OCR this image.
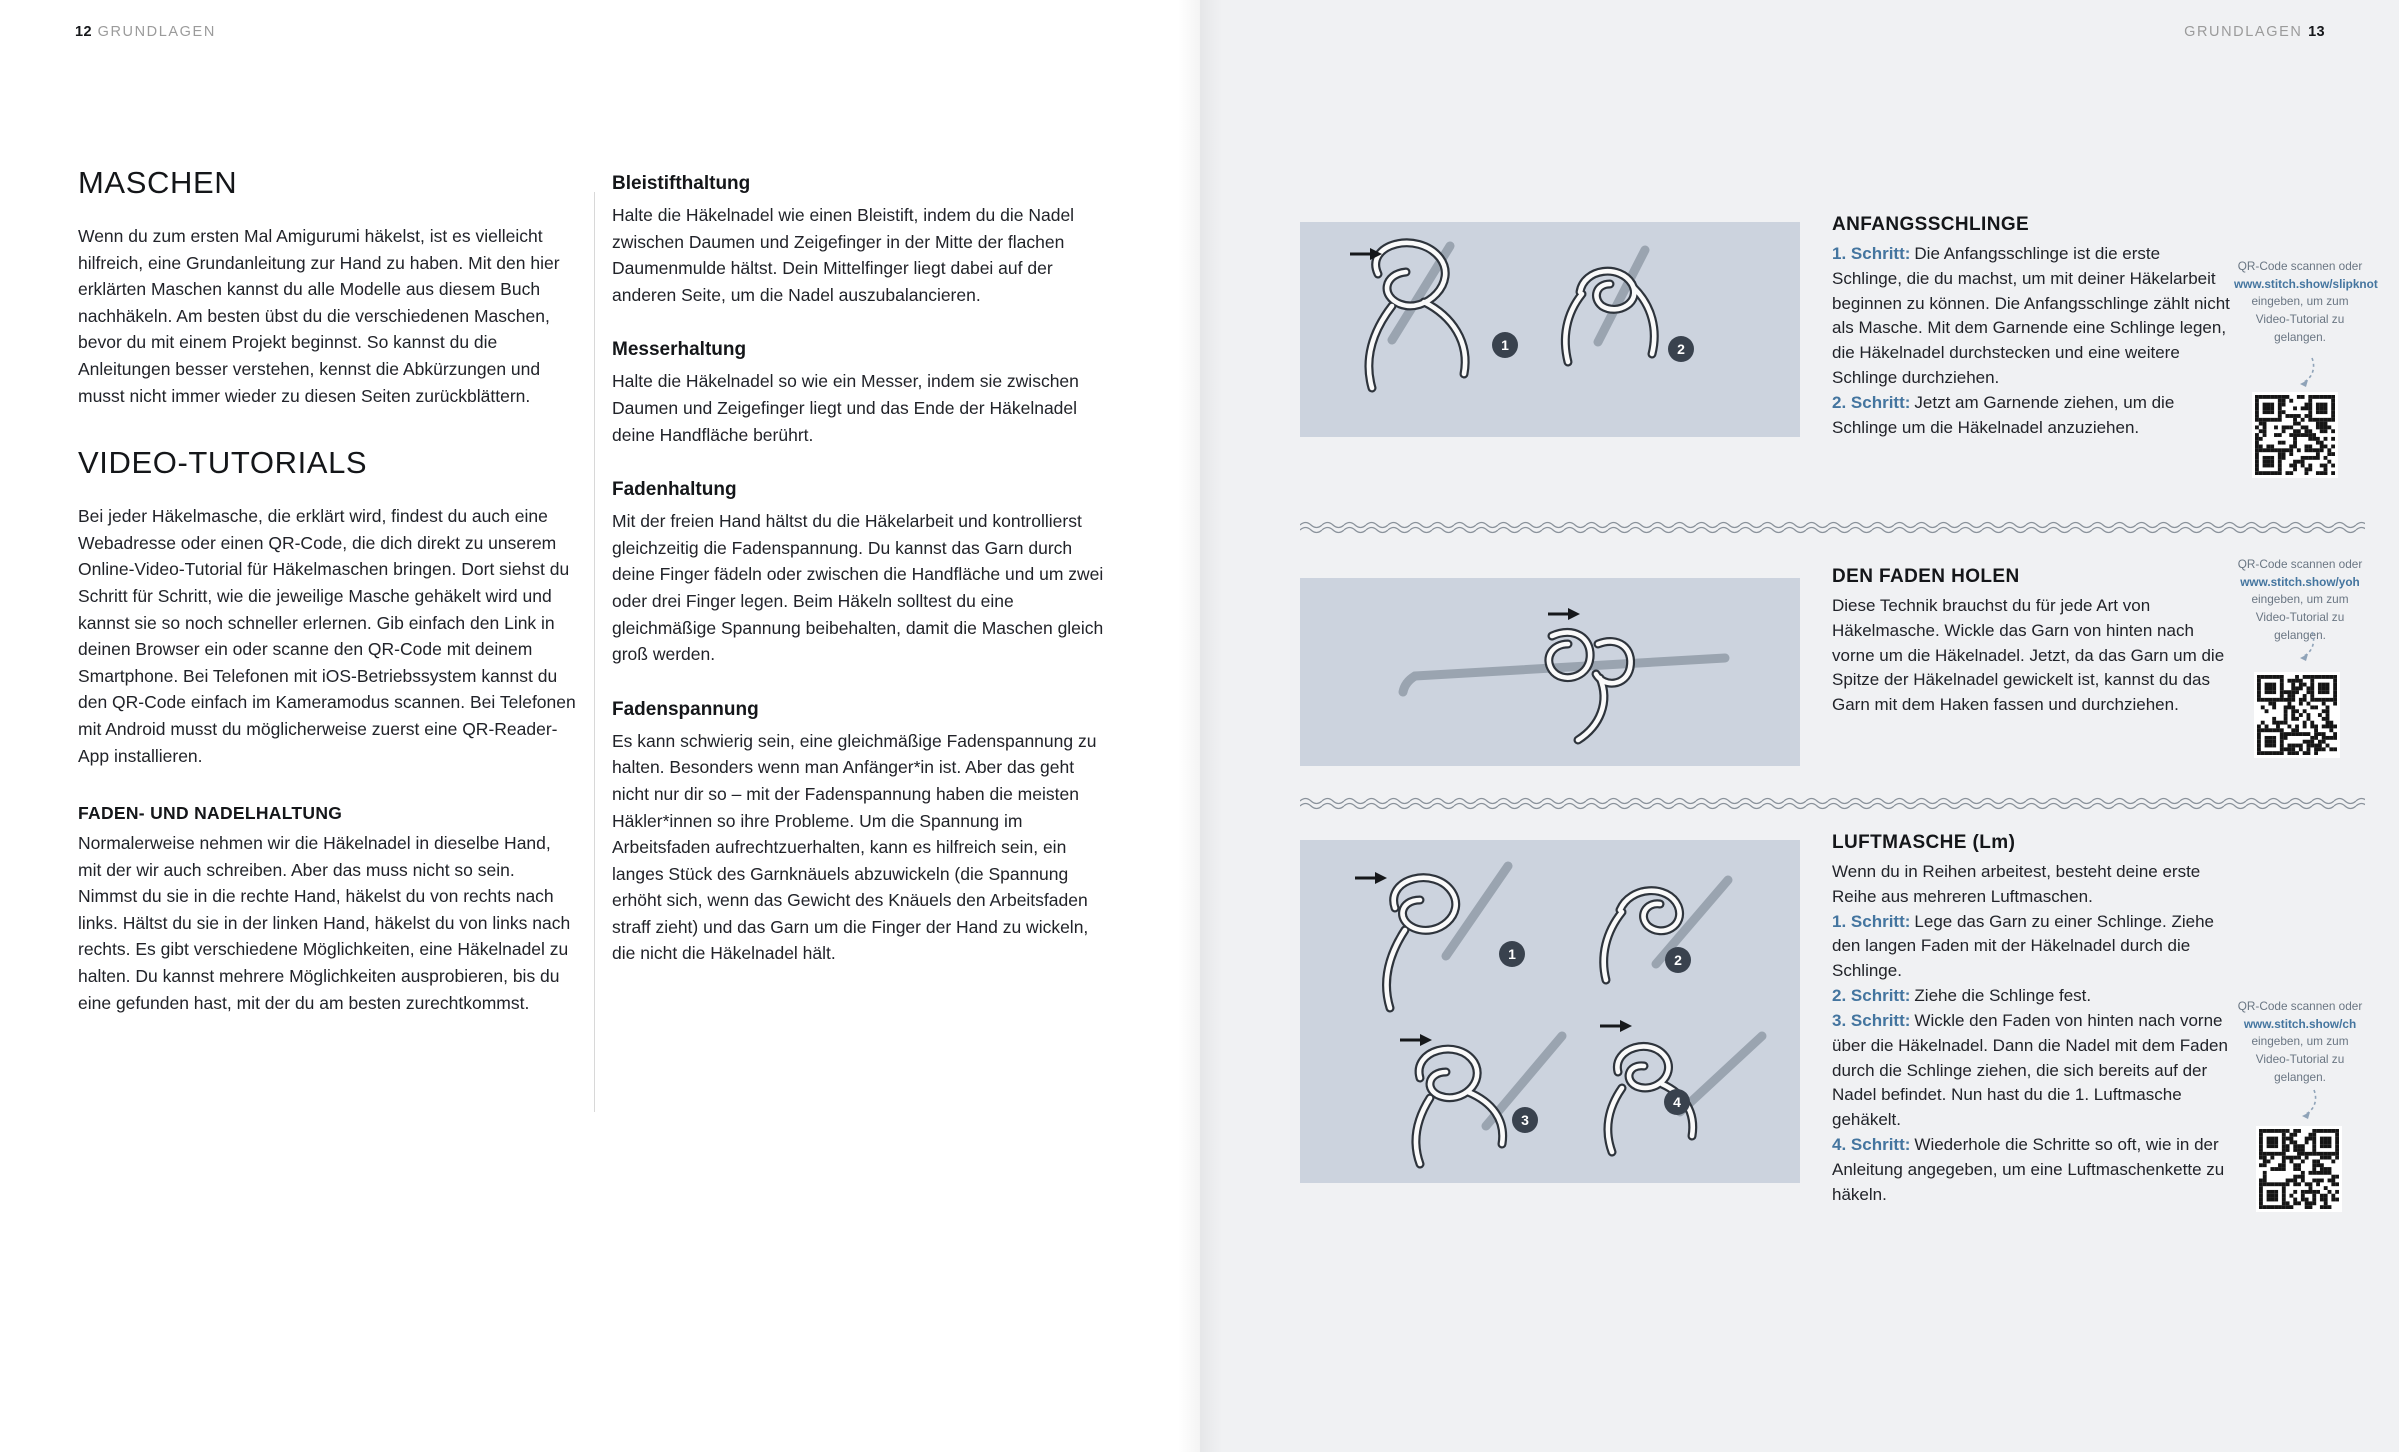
12 GRUNDLAGEN	GRUNDLAGEN 13
MASCHEN

Wenn du zum ersten Mal Amigurumi häkelst, ist es vielleicht hilfreich, eine Grundanleitung zur Hand zu haben. Mit den hier erklärten Maschen kannst du alle Modelle aus diesem Buch nachhäkeln. Am besten übst du die verschiedenen Maschen, bevor du mit einem Projekt beginnst. So kannst du die Anleitungen besser verstehen, kennst die Abkürzungen und musst nicht immer wieder zu diesen Seiten zurückblättern.

VIDEO-TUTORIALS

Bei jeder Häkelmasche, die erklärt wird, findest du auch eine Webadresse oder einen QR-Code, die dich direkt zu unserem Online-Video-Tutorial für Häkelmaschen bringen. Dort siehst du Schritt für Schritt, wie die jeweilige Masche gehäkelt wird und kannst sie so noch schneller erlernen. Gib einfach den Link in deinen Browser ein oder scanne den QR-Code mit deinem Smartphone. Bei Telefonen mit iOS-Betriebssystem kannst du den QR-Code einfach im Kameramodus scannen. Bei Telefonen mit Android musst du möglicherweise zuerst eine QR-Reader-App installieren.

FADEN- UND NADELHALTUNG

Normalerweise nehmen wir die Häkelnadel in dieselbe Hand, mit der wir auch schreiben. Aber das muss nicht so sein. Nimmst du sie in die rechte Hand, häkelst du von rechts nach links. Hältst du sie in der linken Hand, häkelst du von links nach rechts. Es gibt verschiedene Möglichkeiten, eine Häkelnadel zu halten. Du kannst mehrere Möglichkeiten ausprobieren, bis du eine gefunden hast, mit der du am besten zurechtkommst.

Bleistifthaltung

Halte die Häkelnadel wie einen Bleistift, indem du die Nadel zwischen Daumen und Zeigefinger in der Mitte der flachen Daumenmulde hältst. Dein Mittelfinger liegt dabei auf der anderen Seite, um die Nadel auszubalancieren.

Messerhaltung

Halte die Häkelnadel so wie ein Messer, indem sie zwischen Daumen und Zeigefinger liegt und das Ende der Häkelnadel deine Handfläche berührt.

Fadenhaltung

Mit der freien Hand hältst du die Häkelarbeit und kontrollierst gleichzeitig die Fadenspannung. Du kannst das Garn durch deine Finger fädeln oder zwischen die Handfläche und um zwei oder drei Finger legen. Beim Häkeln solltest du eine gleichmäßige Spannung beibehalten, damit die Maschen gleich groß werden.

Fadenspannung

Es kann schwierig sein, eine gleichmäßige Fadenspannung zu halten. Besonders wenn man Anfänger*in ist. Aber das geht nicht nur dir so – mit der Fadenspannung haben die meisten Häkler*innen so ihre Probleme. Um die Spannung im Arbeitsfaden aufrechtzuerhalten, kann es hilfreich sein, ein langes Stück des Garnknäuels abzuwickeln (die Spannung erhöht sich, wenn das Gewicht des Knäuels den Arbeitsfaden straff zieht) und das Garn um die Finger der Hand zu wickeln, die nicht die Häkelnadel hält.

1	2
1	2
3
4
ANFANGSSCHLINGE

1. Schritt: Die Anfangsschlinge ist die erste Schlinge, die du machst, um mit deiner Häkelarbeit beginnen zu können. Die Anfangsschlinge zählt nicht als Masche. Mit dem Garnende eine Schlinge legen, die Häkelnadel durchstecken und eine weitere Schlinge durchziehen.

2. Schritt: Jetzt am Garnende ziehen, um die Schlinge um die Häkelnadel anzuziehen.

DEN FADEN HOLEN

Diese Technik brauchst du für jede Art von Häkelmasche. Wickle das Garn von hinten nach vorne um die Häkelnadel. Jetzt, da das Garn um die Spitze der Häkelnadel gewickelt ist, kannst du das Garn mit dem Haken fassen und durchziehen.

LUFTMASCHE (Lm)

Wenn du in Reihen arbeitest, besteht deine erste Reihe aus mehreren Luftmaschen.

1. Schritt: Lege das Garn zu einer Schlinge. Ziehe den langen Faden mit der Häkelnadel durch die Schlinge.

2. Schritt: Ziehe die Schlinge fest.

3. Schritt: Wickle den Faden von hinten nach vorne über die Häkelnadel. Dann die Nadel mit dem Faden durch die Schlinge ziehen, die sich bereits auf der Nadel befindet. Nun hast du die 1. Luftmasche gehäkelt.

4. Schritt: Wiederhole die Schritte so oft, wie in der Anleitung angegeben, um eine Luftmaschenkette zu häkeln.

QR-Code scannen oder www.stitch.show/slipknot eingeben, um zum Video-Tutorial zu gelangen.
QR-Code scannen oder www.stitch.show/yoh eingeben, um zum Video-Tutorial zu gelangen.
QR-Code scannen oder www.stitch.show/ch eingeben, um zum Video-Tutorial zu gelangen.
